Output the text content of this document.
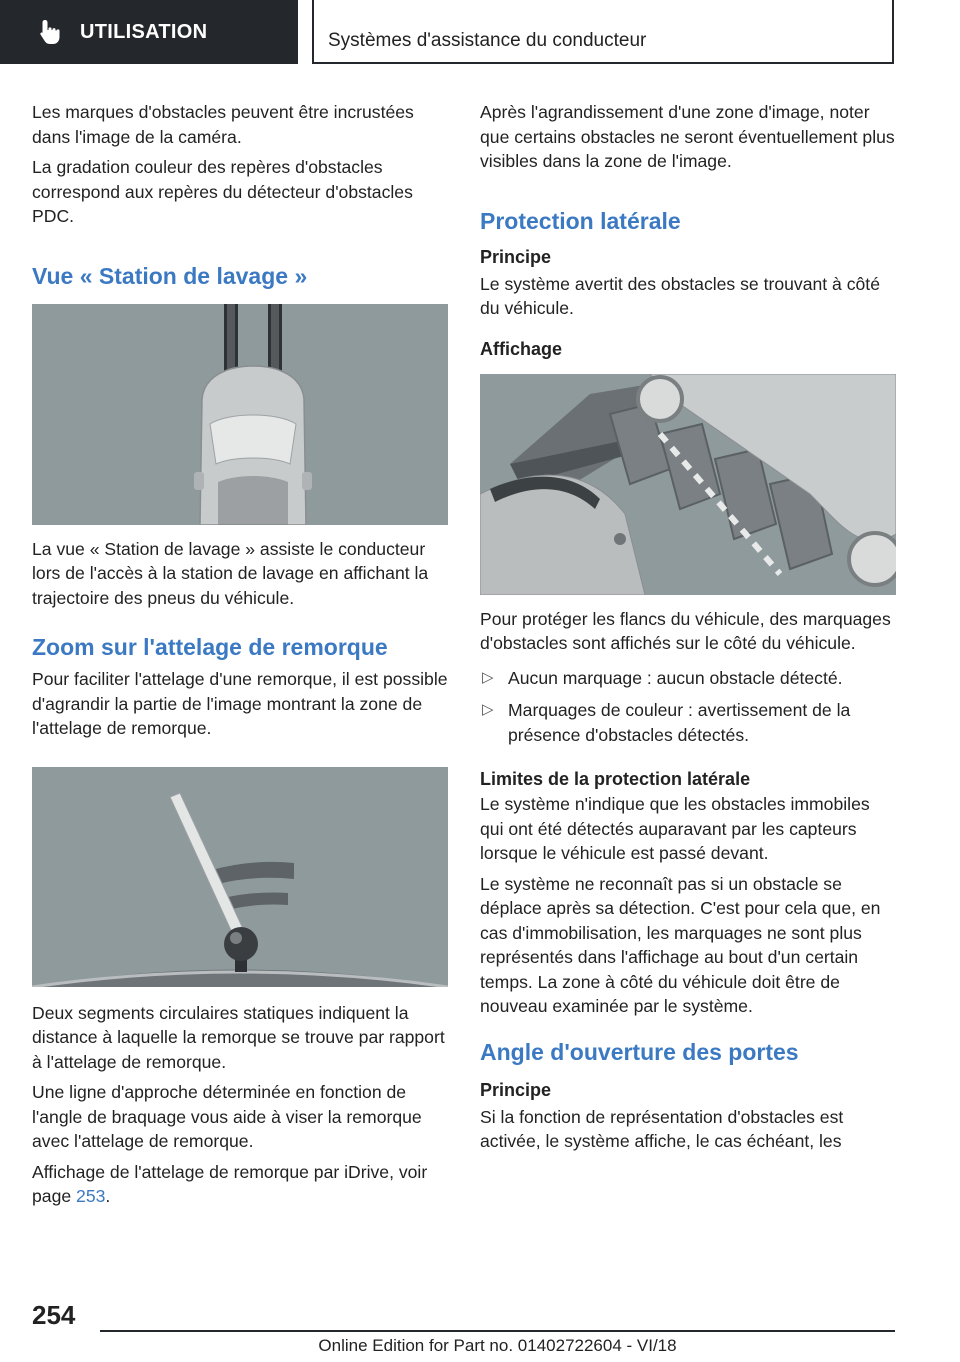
UTILISATION	Systèmes d'assistance du conducteur

Les marques d'obstacles peuvent être incrustées dans l'image de la caméra.

La gradation couleur des repères d'obstacles correspond aux repères du détecteur d'obstacles PDC.

Vue « Station de lavage »

La vue « Station de lavage » assiste le conducteur lors de l'accès à la station de lavage en affichant la trajectoire des pneus du véhicule.

Zoom sur l'attelage de remorque

Pour faciliter l'attelage d'une remorque, il est possible d'agrandir la partie de l'image montrant la zone de l'attelage de remorque.

Deux segments circulaires statiques indiquent la distance à laquelle la remorque se trouve par rapport à l'attelage de remorque.

Une ligne d'approche déterminée en fonction de l'angle de braquage vous aide à viser la remorque avec l'attelage de remorque.

Affichage de l'attelage de remorque par iDrive, voir page 253.

Après l'agrandissement d'une zone d'image, noter que certains obstacles ne seront éventuellement plus visibles dans la zone de l'image.

Protection latérale
Principe

Le système avertit des obstacles se trouvant à côté du véhicule.

Affichage

Pour protéger les flancs du véhicule, des marquages d'obstacles sont affichés sur le côté du véhicule.

▷ Aucun marquage : aucun obstacle détecté.
▷ Marquages de couleur : avertissement de la présence d'obstacles détectés.
Limites de la protection latérale

Le système n'indique que les obstacles immobiles qui ont été détectés auparavant par les capteurs lorsque le véhicule est passé devant.

Le système ne reconnaît pas si un obstacle se déplace après sa détection. C'est pour cela que, en cas d'immobilisation, les marquages ne sont plus représentés dans l'affichage au bout d'un certain temps. La zone à côté du véhicule doit être de nouveau examinée par le système.

Angle d'ouverture des portes
Principe

Si la fonction de représentation d'obstacles est activée, le système affiche, le cas échéant, les

254
Online Edition for Part no. 01402722604 - VI/18
